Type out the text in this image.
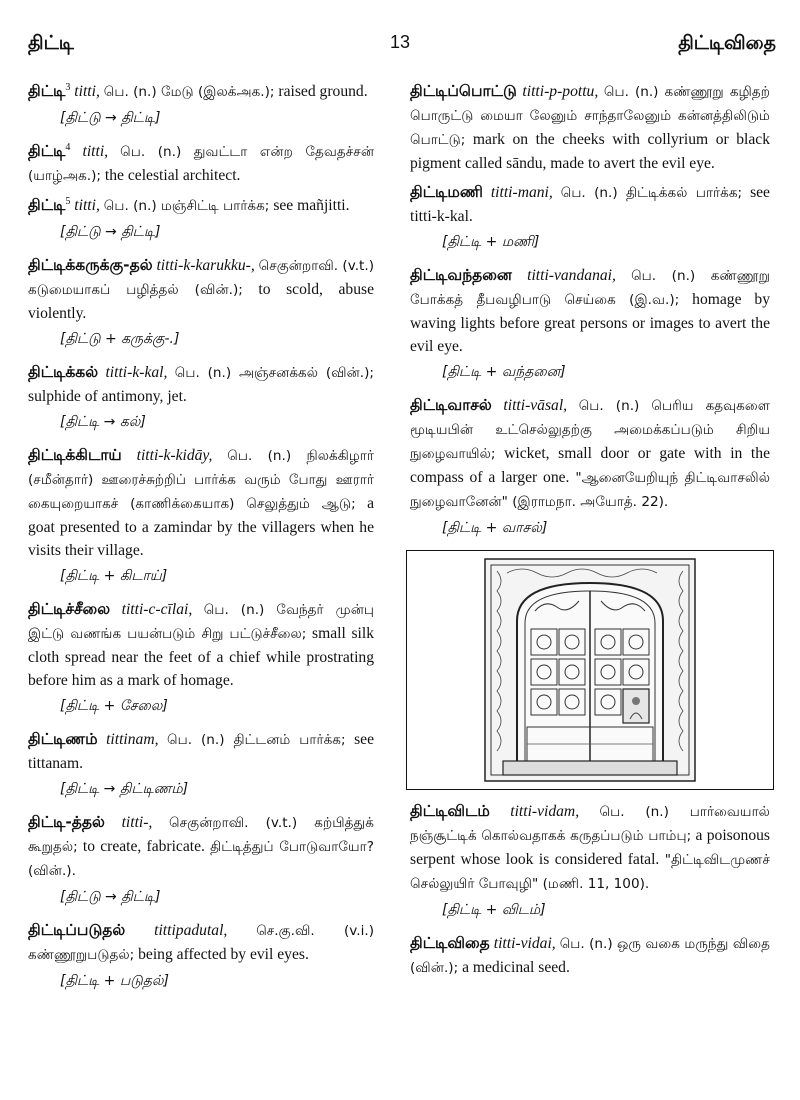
திட்டி	13	திட்டிவிதை
திட்டி$^3$ titti, பெ. (n.) மேடு (இலக்அக.); raised ground.
[திட்டு → திட்டி]
திட்டி$^4$ titti, பெ. (n.) துவட்டா என்ற தேவதச்சன் (யாழ்அக.); the celestial architect.
திட்டி$^5$ titti, பெ. (n.) மஞ்சிட்டி பார்க்க; see mañjitti.
[திட்டு → திட்டி]
திட்டிக்கருக்கு-தல் titti-k-karukku-, செகுன்றாவி. (v.t.) கடுமையாகப் பழித்தல் (வின்.); to scold, abuse violently.
[திட்டு + கருக்கு-.]
திட்டிக்கல் titti-k-kal, பெ. (n.) அஞ்சனக்கல் (வின்.); sulphide of antimony, jet.
[திட்டி → கல்]
திட்டிக்கிடாய் titti-k-kidāy, பெ. (n.) நிலக்கிழார் (சமீன்தார்) ஊரைச்சுற்றிப் பார்க்க வரும் போது ஊரார் கையுறையாகச் (காணிக்கையாக) செலுத்தும் ஆடு; a goat presented to a zamindar by the villagers when he visits their village.
[திட்டி + கிடாய்]
திட்டிச்சீலை titti-c-cīlai, பெ. (n.) வேந்தர் முன்பு இட்டு வணங்க பயன்படும் சிறு பட்டுச்சீலை; small silk cloth spread near the feet of a chief while prostrating before him as a mark of homage.
[திட்டி + சேலை]
திட்டிணம் tittinam, பெ. (n.) திட்டனம் பார்க்க; see tittanam.
[திட்டி → திட்டிணம்]
திட்டி-த்தல் titti-, செகுன்றாவி. (v.t.) கற்பித்துக் கூறுதல்; to create, fabricate. திட்டித்துப் போடுவாயோ? (வின்.).
[திட்டு → திட்டி]
திட்டிப்படுதல் tittipadutal, செ.கு.வி. (v.i.) கண்ணூறுபடுதல்; being affected by evil eyes.
[திட்டி + படுதல்]
திட்டிப்பொட்டு titti-p-pottu, பெ. (n.) கண்ணூறு கழிதற் பொருட்டு மையா லேனும் சாந்தாலேனும் கன்னத்திலிடும் பொட்டு; mark on the cheeks with collyrium or black pigment called sāndu, made to avert the evil eye.
திட்டிமணி titti-mani, பெ. (n.) திட்டிக்கல் பார்க்க; see titti-k-kal.
[திட்டி + மணி]
திட்டிவந்தனை titti-vandanai, பெ. (n.) கண்ணூறு போக்கத் தீபவழிபாடு செய்கை (இ.வ.); homage by waving lights before great persons or images to avert the evil eye.
[திட்டி + வந்தனை]
திட்டிவாசல் titti-vāsal, பெ. (n.) பெரிய கதவுகளை மூடியபின் உட்செல்லுதற்கு அமைக்கப்படும் சிறிய நுழைவாயில்; wicket, small door or gate with in the compass of a larger one. "ஆனையேறியுந் திட்டிவாசலில் நுழைவானேன்" (இராமநா. அயோத். 22).
[திட்டி + வாசல்]
திட்டிவிடம் titti-vidam, பெ. (n.) பார்வையால் நஞ்சூட்டிக் கொல்வதாகக் கருதப்படும் பாம்பு; a poisonous serpent whose look is considered fatal. "திட்டிவிடமுணச் செல்லுயிர் போவுழி" (மணி. 11, 100).
[திட்டி + விடம்]
திட்டிவிதை titti-vidai, பெ. (n.) ஒரு வகை மருந்து விதை (வின்.); a medicinal seed.
